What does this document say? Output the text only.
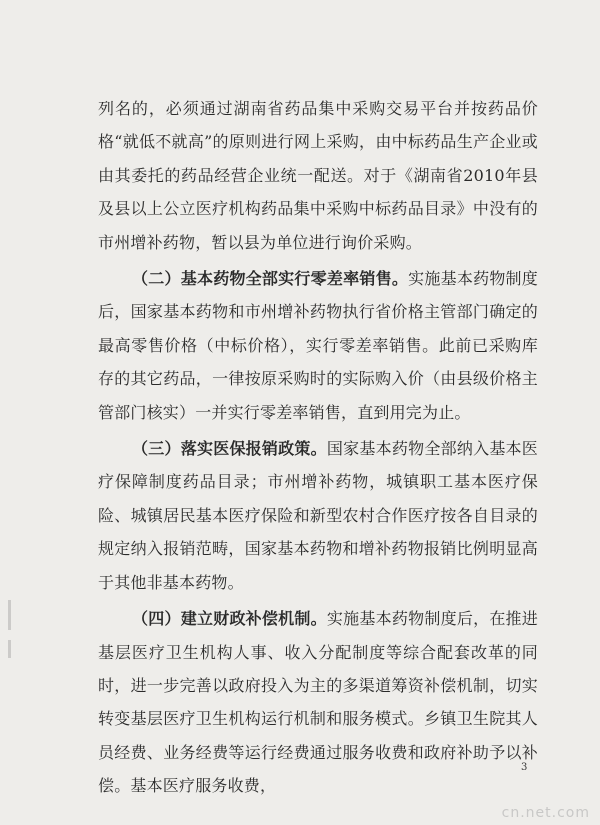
列名的，必须通过湖南省药品集中采购交易平台并按药品价格“就低不就高”的原则进行网上采购，由中标药品生产企业或由其委托的药品经营企业统一配送。对于《湖南省2010年县及县以上公立医疗机构药品集中采购中标药品目录》中没有的市州增补药物，暂以县为单位进行询价采购。

（二）基本药物全部实行零差率销售。实施基本药物制度后，国家基本药物和市州增补药物执行省价格主管部门确定的最高零售价格（中标价格），实行零差率销售。此前已采购库存的其它药品，一律按原采购时的实际购入价（由县级价格主管部门核实）一并实行零差率销售，直到用完为止。

（三）落实医保报销政策。国家基本药物全部纳入基本医疗保障制度药品目录；市州增补药物，城镇职工基本医疗保险、城镇居民基本医疗保险和新型农村合作医疗按各自目录的规定纳入报销范畴，国家基本药物和增补药物报销比例明显高于其他非基本药物。

（四）建立财政补偿机制。实施基本药物制度后，在推进基层医疗卫生机构人事、收入分配制度等综合配套改革的同时，进一步完善以政府投入为主的多渠道筹资补偿机制，切实转变基层医疗卫生机构运行机制和服务模式。乡镇卫生院其人员经费、业务经费等运行经费通过服务收费和政府补助予以补偿。基本医疗服务收费，

3
cn.net.com
